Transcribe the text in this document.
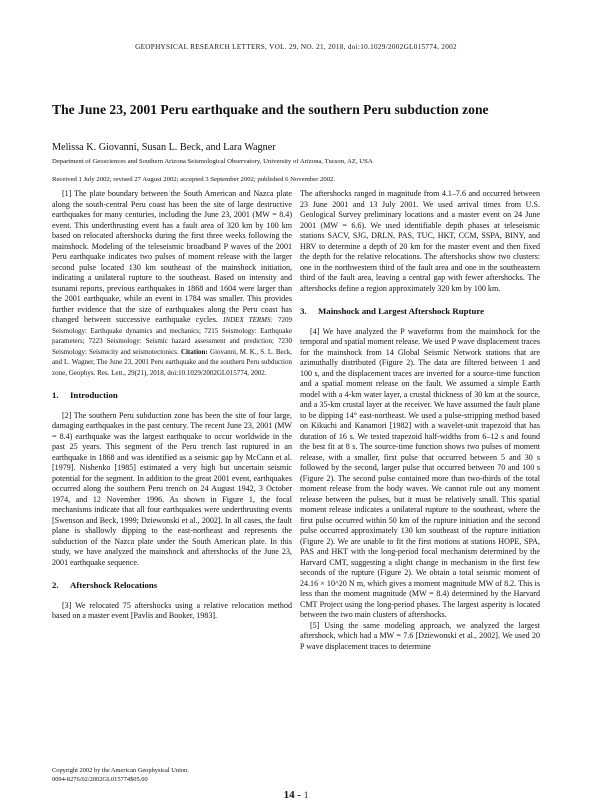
GEOPHYSICAL RESEARCH LETTERS, VOL. 29, NO. 21, 2018, doi:10.1029/2002GL015774, 2002
The June 23, 2001 Peru earthquake and the southern Peru subduction zone
Melissa K. Giovanni, Susan L. Beck, and Lara Wagner
Department of Geosciences and Southern Arizona Seismological Observatory, University of Arizona, Tucson, AZ, USA
Received 1 July 2002; revised 27 August 2002; accepted 3 September 2002; published 6 November 2002.

[1] The plate boundary between the South American and Nazca plate along the south-central Peru coast has been the site of large destructive earthquakes for many centuries, including the June 23, 2001 (MW = 8.4) event. This underthrusting event has a fault area of 320 km by 100 km based on relocated aftershocks during the first three weeks following the mainshock. Modeling of the teleseismic broadband P waves of the 2001 Peru earthquake indicates two pulses of moment release with the larger second pulse located 130 km southeast of the mainshock initiation, indicating a unilateral rupture to the southeast. Based on intensity and tsunami reports, previous earthquakes in 1868 and 1604 were larger than the 2001 earthquake, while an event in 1784 was smaller. This provides further evidence that the size of earthquakes along the Peru coast has changed between successive earthquake cycles. INDEX TERMS: 7209 Seismology: Earthquake dynamics and mechanics; 7215 Seismology: Earthquake parameters; 7223 Seismology: Seismic hazard assessment and prediction; 7230 Seismology: Seismicity and seismotectonics. Citation: Giovanni, M. K., S. L. Beck, and L. Wagner, The June 23, 2001 Peru earthquake and the southern Peru subduction zone, Geophys. Res. Lett., 29(21), 2018, doi:10.1029/2002GL015774, 2002.

1. Introduction

[2] The southern Peru subduction zone has been the site of four large, damaging earthquakes in the past century. The recent June 23, 2001 (MW = 8.4) earthquake was the largest earthquake to occur worldwide in the past 25 years. This segment of the Peru trench last ruptured in an earthquake in 1868 and was identified as a seismic gap by McCann et al. [1979]. Nishenko [1985] estimated a very high but uncertain seismic potential for the segment. In addition to the great 2001 event, earthquakes occurred along the southern Peru trench on 24 August 1942, 3 October 1974, and 12 November 1996. As shown in Figure 1, the focal mechanisms indicate that all four earthquakes were underthrusting events [Swenson and Beck, 1999; Dziewonski et al., 2002]. In all cases, the fault plane is shallowly dipping to the east-northeast and represents the subduction of the Nazca plate under the South American plate. In this study, we have analyzed the mainshock and aftershocks of the June 23, 2001 earthquake sequence.

2. Aftershock Relocations

[3] We relocated 75 aftershocks using a relative relocation method based on a master event [Pavlis and Booker, 1983].

The aftershocks ranged in magnitude from 4.1–7.6 and occurred between 23 June 2001 and 13 July 2001. We used arrival times from U.S. Geological Survey preliminary locations and a master event on 24 June 2001 (MW = 6.6). We used identifiable depth phases at teleseismic stations SACV, SJG, DRLN, PAS, TUC, HKT, CCM, SSPA, BINY, and HRV to determine a depth of 20 km for the master event and then fixed the depth for the relative relocations. The aftershocks show two clusters: one in the northwestern third of the fault area and one in the southeastern third of the fault area, leaving a central gap with fewer aftershocks. The aftershocks define a region approximately 320 km by 100 km.

3. Mainshock and Largest Aftershock Rupture

[4] We have analyzed the P waveforms from the mainshock for the temporal and spatial moment release. We used P wave displacement traces for the mainshock from 14 Global Seismic Network stations that are azimuthally distributed (Figure 2). The data are filtered between 1 and 100 s, and the displacement traces are inverted for a source-time function and a spatial moment release on the fault. We assumed a simple Earth model with a 4-km water layer, a crustal thickness of 30 km at the source, and a 35-km crustal layer at the receiver. We have assumed the fault plane to be dipping 14° east-northeast. We used a pulse-stripping method based on Kikuchi and Kanamori [1982] with a wavelet-unit trapezoid that has duration of 16 s. We tested trapezoid half-widths from 6–12 s and found the best fit at 8 s. The source-time function shows two pulses of moment release, with a smaller, first pulse that occurred between 5 and 30 s followed by the second, larger pulse that occurred between 70 and 100 s (Figure 2). The second pulse contained more than two-thirds of the total moment release from the body waves. We cannot rule out any moment release between the pulses, but it must be relatively small. This spatial moment release indicates a unilateral rupture to the southeast, where the first pulse occurred within 50 km of the rupture initiation and the second pulse occurred approximately 130 km southeast of the rupture initiation (Figure 2). We are unable to fit the first motions at stations HOPE, SPA, PAS and HKT with the long-period focal mechanism determined by the Harvard CMT, suggesting a slight change in mechanism in the first few seconds of the rupture (Figure 2). We obtain a total seismic moment of 24.16 × 10^20 N m, which gives a moment magnitude MW of 8.2. This is less than the moment magnitude (MW = 8.4) determined by the Harvard CMT Project using the long-period phases. The largest asperity is located between the two main clusters of aftershocks.

[5] Using the same modeling approach, we analyzed the largest aftershock, which had a MW = 7.6 [Dziewonski et al., 2002]. We used 20 P wave displacement traces to determine

Copyright 2002 by the American Geophysical Union.
0094-8276/02/2002GL015774$05.00
14 - 1
